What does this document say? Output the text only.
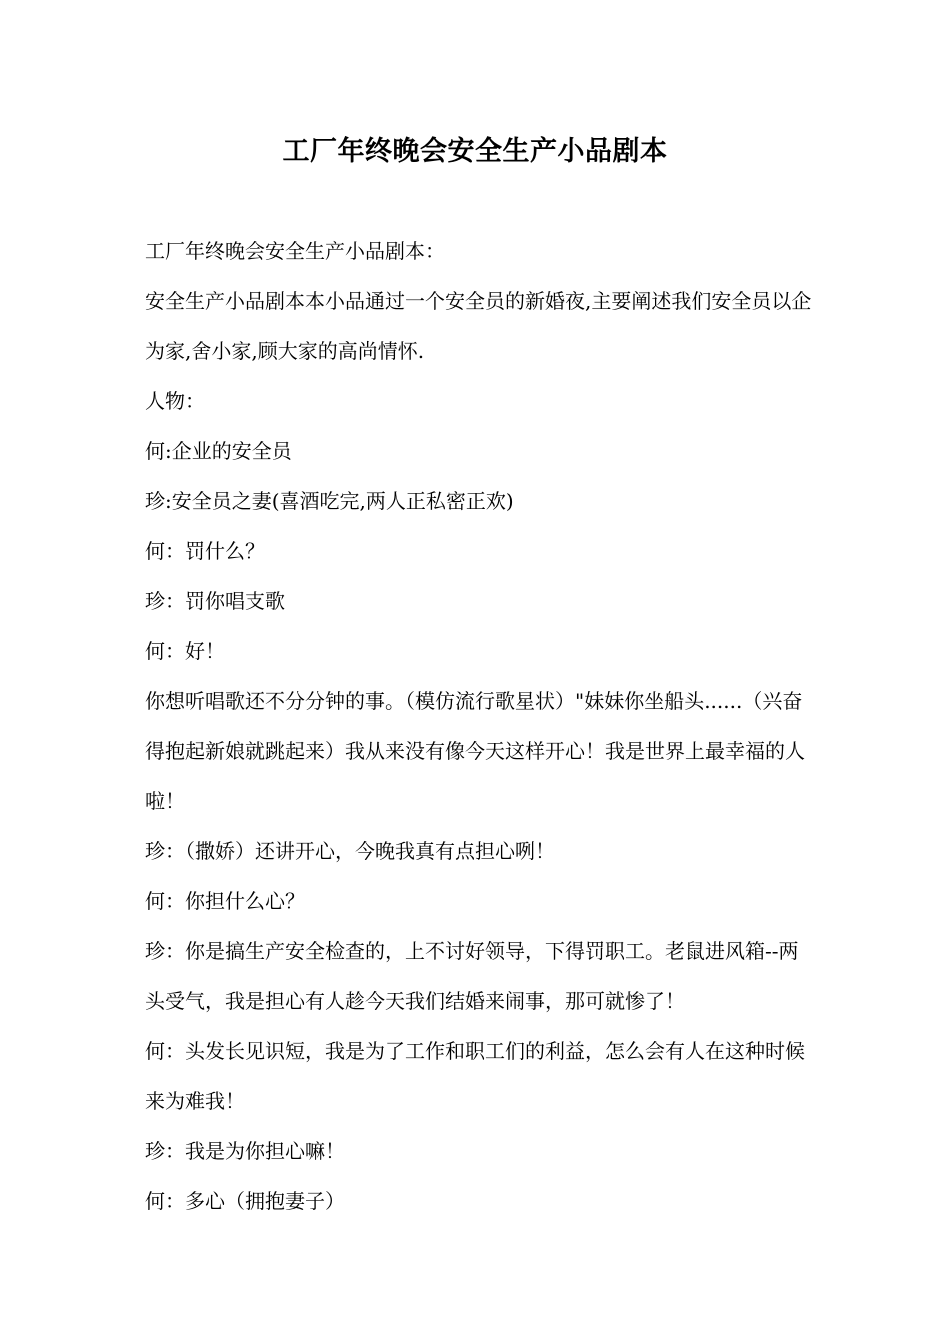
工厂年终晚会安全生产小品剧本

工厂年终晚会安全生产小品剧本：

安全生产小品剧本本小品通过一个安全员的新婚夜,主要阐述我们安全员以企为家,舍小家,顾大家的高尚情怀.

人物：

何:企业的安全员

珍:安全员之妻(喜酒吃完,两人正私密正欢)

何：罚什么？

珍：罚你唱支歌

何：好！

你想听唱歌还不分分钟的事。（模仿流行歌星状）"妹妹你坐船头......（兴奋得抱起新娘就跳起来）我从来没有像今天这样开心！我是世界上最幸福的人啦！

珍：（撒娇）还讲开心，今晚我真有点担心咧！

何：你担什么心？

珍：你是搞生产安全检查的，上不讨好领导，下得罚职工。老鼠进风箱--两头受气，我是担心有人趁今天我们结婚来闹事，那可就惨了！

何：头发长见识短，我是为了工作和职工们的利益，怎么会有人在这种时候来为难我！

珍：我是为你担心嘛！

何：多心（拥抱妻子）
